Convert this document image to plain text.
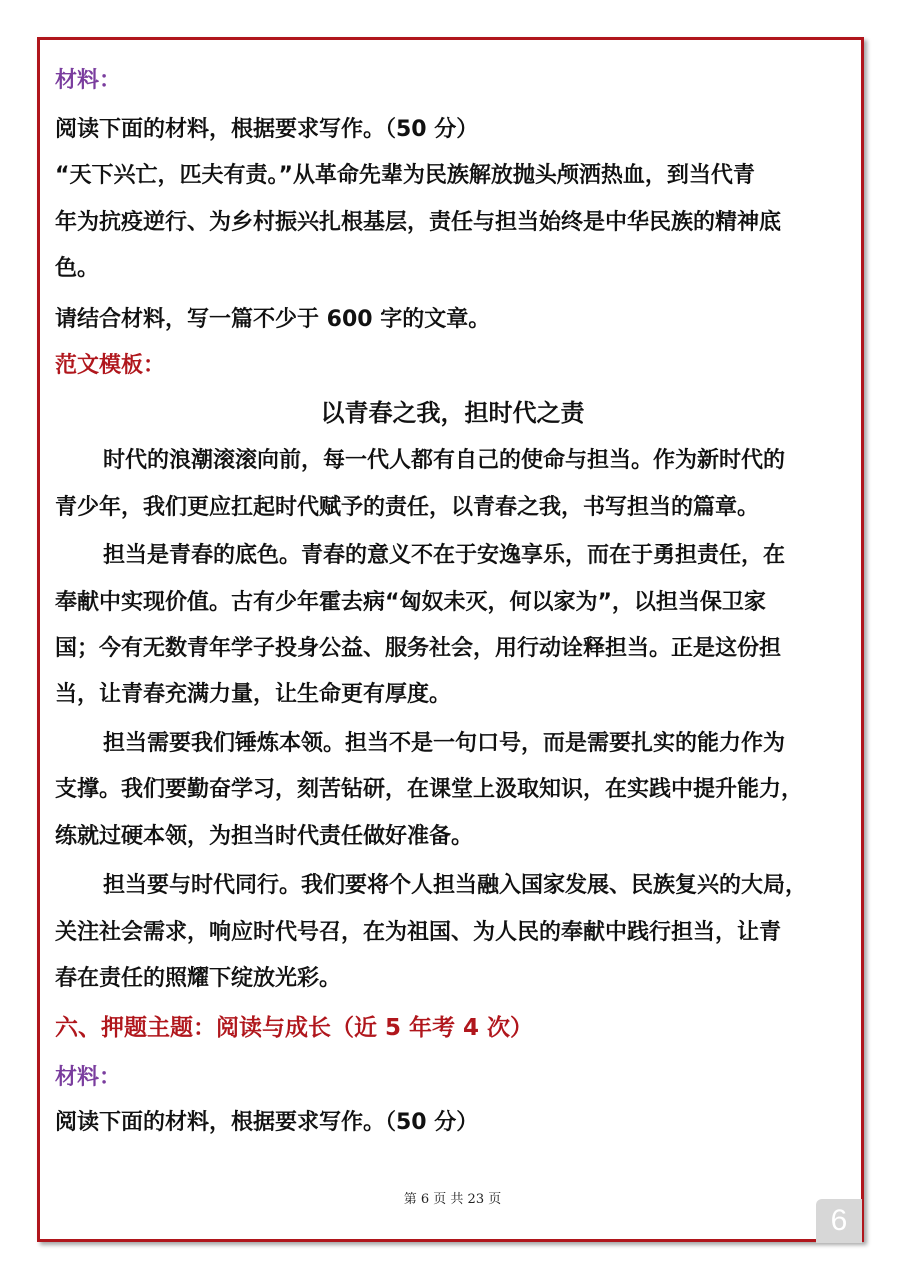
材料：
阅读下面的材料，根据要求写作。（50 分）
“天下兴亡，匹夫有责。”从革命先辈为民族解放抛头颅洒热血，到当代青
年为抗疫逆行、为乡村振兴扎根基层，责任与担当始终是中华民族的精神底
色。
请结合材料，写一篇不少于 600 字的文章。
范文模板：
以青春之我，担时代之责
时代的浪潮滚滚向前，每一代人都有自己的使命与担当。作为新时代的
青少年，我们更应扛起时代赋予的责任，以青春之我，书写担当的篇章。
担当是青春的底色。青春的意义不在于安逸享乐，而在于勇担责任，在
奉献中实现价值。古有少年霍去病“匈奴未灭，何以家为”，以担当保卫家
国；今有无数青年学子投身公益、服务社会，用行动诠释担当。正是这份担
当，让青春充满力量，让生命更有厚度。
担当需要我们锤炼本领。担当不是一句口号，而是需要扎实的能力作为
支撑。我们要勤奋学习，刻苦钻研，在课堂上汲取知识，在实践中提升能力，
练就过硬本领，为担当时代责任做好准备。
担当要与时代同行。我们要将个人担当融入国家发展、民族复兴的大局，
关注社会需求，响应时代号召，在为祖国、为人民的奉献中践行担当，让青
春在责任的照耀下绽放光彩。
六、押题主题：阅读与成长（近 5 年考 4 次）
材料：
阅读下面的材料，根据要求写作。（50 分）
第 6 页 共 23 页
6
